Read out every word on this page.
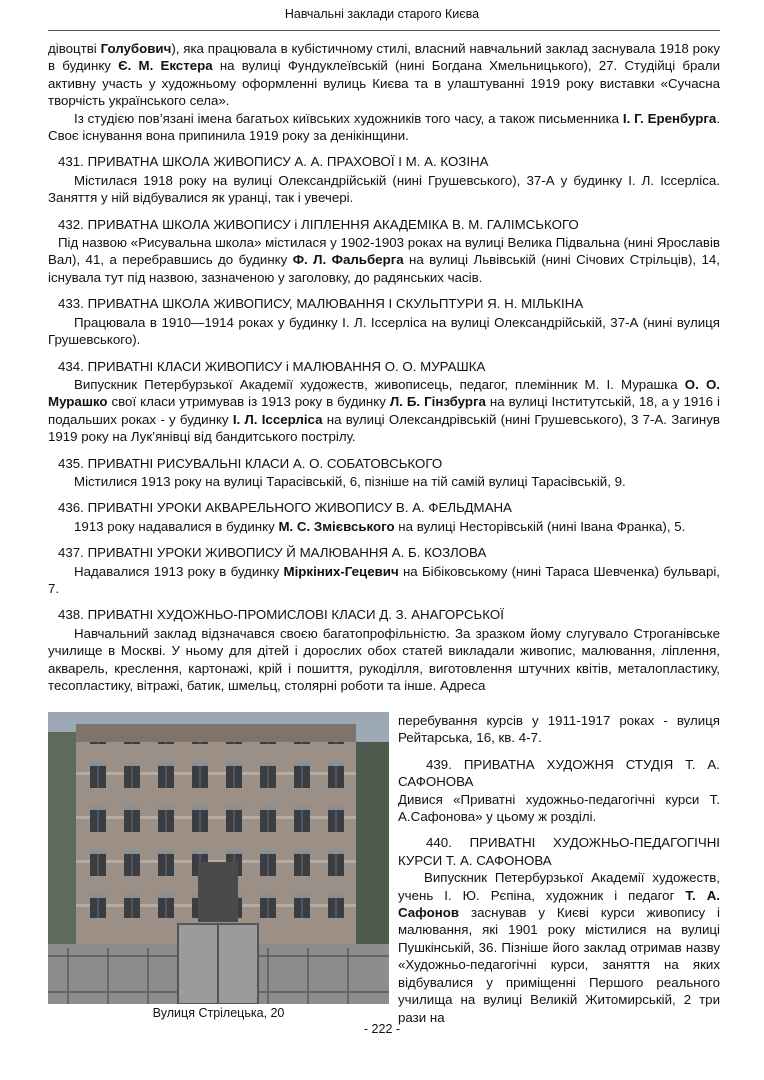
Навчальні заклади старого Києва

дівоцтві Голубович), яка працювала в кубістичному стилі, власний навчальний заклад заснувала 1918 року в будинку Є. М. Екстера на вулиці Фундуклеївській (нині Богдана Хмельницького), 27. Студійці брали активну участь у художньому оформленні вулиць Києва та в улаштуванні 1919 року виставки «Сучасна творчість українського села».

Із студією пов’язані імена багатьох київських художників того часу, а також письменника І. Г. Еренбурга. Своє існування вона припинила 1919 року за денікінщини.

431. ПРИВАТНА ШКОЛА ЖИВОПИСУ А. А. ПРАХОВОЇ І М. А. КОЗІНА

Містилася 1918 року на вулиці Олександрійській (нині Грушевського), 37-А у будинку І. Л. Іссерліса. Заняття у ній відбувалися як уранці, так і увечері.

432. ПРИВАТНА ШКОЛА ЖИВОПИСУ і ЛІПЛЕННЯ АКАДЕМІКА В. М. ГАЛІМСЬКОГО

Під назвою «Рисувальна школа» містилася у 1902-1903 роках на вулиці Велика Підвальна (нині Ярославів Вал), 41, а перебравшись до будинку Ф. Л. Фальберга на вулиці Львівській (нині Січових Стрільців), 14, існувала тут під назвою, зазначеною у заголовку, до радянських часів.

433. ПРИВАТНА ШКОЛА ЖИВОПИСУ, МАЛЮВАННЯ І СКУЛЬПТУРИ Я. Н. МІЛЬКІНА

Працювала в 1910—1914 роках у будинку І. Л. Іссерліса на вулиці Олександрійській, 37-А (нині вулиця Грушевського).

434. ПРИВАТНІ КЛАСИ ЖИВОПИСУ і МАЛЮВАННЯ О. О. МУРАШКА

Випускник Петербурзької Академії художеств, живописець, педагог, племінник М. І. Мурашка О. О. Мурашко свої класи утримував із 1913 року в будинку Л. Б. Гінзбурга на вулиці Інститутській, 18, а у 1916 і подальших роках - у будинку І. Л. Іссерліса на вулиці Олександрівській (нині Грушевського), 3 7-А. Загинув 1919 року на Лук’янівці від бандитського пострілу.

435. ПРИВАТНІ РИСУВАЛЬНІ КЛАСИ А. О. СОБАТОВСЬКОГО

Містилися 1913 року на вулиці Тарасівській, 6, пізніше на тій самій вулиці Тарасівській, 9.

436. ПРИВАТНІ УРОКИ АКВАРЕЛЬНОГО ЖИВОПИСУ В. А. ФЕЛЬДМАНА

1913 року надавалися в будинку М. С. Змієвського на вулиці Несторівській (нині Івана Франка), 5.

437. ПРИВАТНІ УРОКИ ЖИВОПИСУ Й МАЛЮВАННЯ А. Б. КОЗЛОВА

Надавалися 1913 року в будинку Міркіних-Гецевич на Бібіковському (нині Тараса Шевченка) бульварі, 7.

438. ПРИВАТНІ ХУДОЖНЬО-ПРОМИСЛОВІ КЛАСИ Д. З. АНАГОРСЬКОЇ

Навчальний заклад відзначався своєю багатопрофільністю. За зразком йому слугувало Строганівське училище в Москві. У ньому для дітей і дорослих обох статей викладали живопис, малювання, ліплення, акварель, креслення, картонажі, крій і пошиття, рукоділля, виготовлення штучних квітів, металопластику, тесопластику, вітражі, батик, шмельц, столярні роботи та інше. Адреса

Вулиця Стрілецька, 20

перебування курсів у 1911-1917 роках - вулиця Рейтарська, 16, кв. 4-7.

439. ПРИВАТНА ХУДОЖНЯ СТУДІЯ Т. А. САФОНОВА

Дивися «Приватні художньо-педагогічні курси Т. А.Сафонова» у цьому ж розділі.

440. ПРИВАТНІ ХУДОЖНЬО-ПЕДАГОГІЧНІ КУРСИ Т. А. САФОНОВА

Випускник Петербурзької Академії художеств, учень І. Ю. Рєпіна, художник і педагог Т. А. Сафонов заснував у Києві курси живопису і малювання, які 1901 року містилися на вулиці Пушкінській, 36. Пізніше його заклад отримав назву «Художньо-педагогічні курси, заняття на яких відбувалися у приміщенні Першого реального училища на вулиці Великій Житомирській, 2 три рази на

- 222 -
